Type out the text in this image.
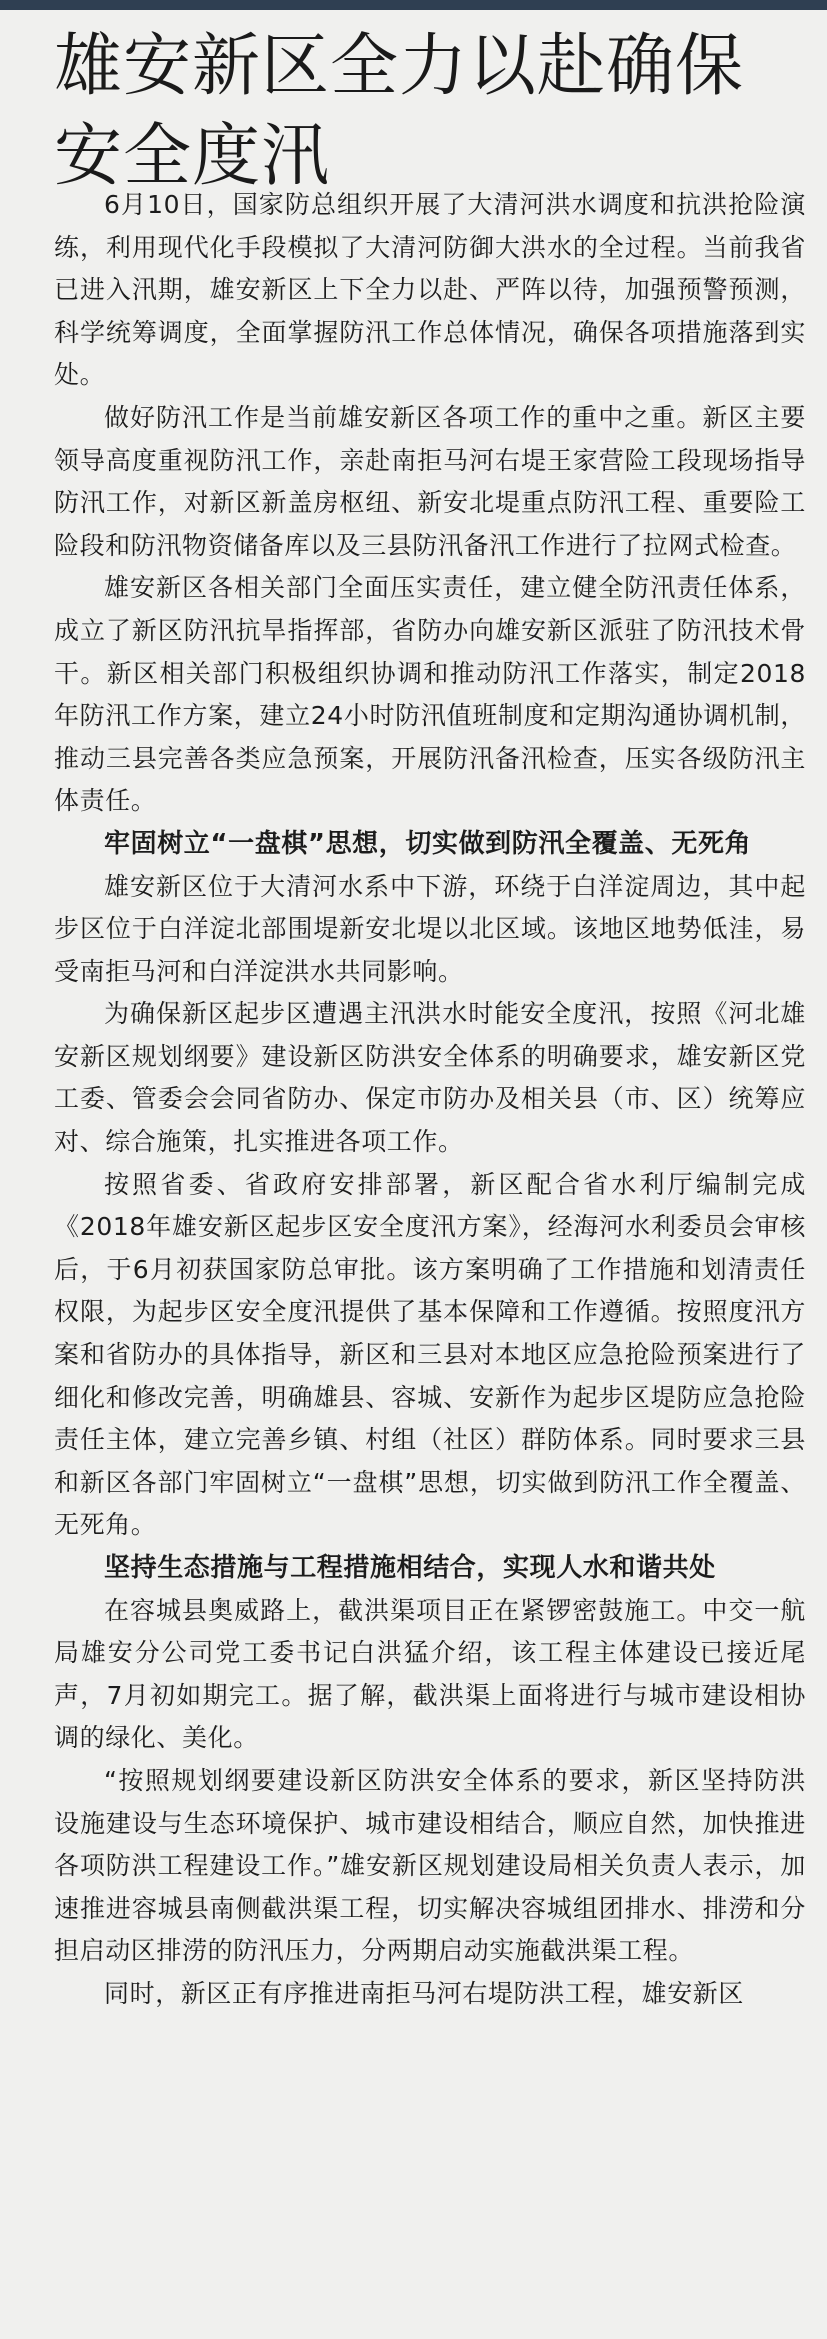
雄安新区全力以赴确保安全度汛

6月10日，国家防总组织开展了大清河洪水调度和抗洪抢险演练，利用现代化手段模拟了大清河防御大洪水的全过程。当前我省已进入汛期，雄安新区上下全力以赴、严阵以待，加强预警预测，科学统筹调度，全面掌握防汛工作总体情况，确保各项措施落到实处。

做好防汛工作是当前雄安新区各项工作的重中之重。新区主要领导高度重视防汛工作，亲赴南拒马河右堤王家营险工段现场指导防汛工作，对新区新盖房枢纽、新安北堤重点防汛工程、重要险工险段和防汛物资储备库以及三县防汛备汛工作进行了拉网式检查。

雄安新区各相关部门全面压实责任，建立健全防汛责任体系，成立了新区防汛抗旱指挥部，省防办向雄安新区派驻了防汛技术骨干。新区相关部门积极组织协调和推动防汛工作落实，制定2018年防汛工作方案，建立24小时防汛值班制度和定期沟通协调机制，推动三县完善各类应急预案，开展防汛备汛检查，压实各级防汛主体责任。

牢固树立“一盘棋”思想，切实做到防汛全覆盖、无死角

雄安新区位于大清河水系中下游，环绕于白洋淀周边，其中起步区位于白洋淀北部围堤新安北堤以北区域。该地区地势低洼，易受南拒马河和白洋淀洪水共同影响。

为确保新区起步区遭遇主汛洪水时能安全度汛，按照《河北雄安新区规划纲要》建设新区防洪安全体系的明确要求，雄安新区党工委、管委会会同省防办、保定市防办及相关县（市、区）统筹应对、综合施策，扎实推进各项工作。

按照省委、省政府安排部署，新区配合省水利厅编制完成《2018年雄安新区起步区安全度汛方案》，经海河水利委员会审核后，于6月初获国家防总审批。该方案明确了工作措施和划清责任权限，为起步区安全度汛提供了基本保障和工作遵循。按照度汛方案和省防办的具体指导，新区和三县对本地区应急抢险预案进行了细化和修改完善，明确雄县、容城、安新作为起步区堤防应急抢险责任主体，建立完善乡镇、村组（社区）群防体系。同时要求三县和新区各部门牢固树立“一盘棋”思想，切实做到防汛工作全覆盖、无死角。

坚持生态措施与工程措施相结合，实现人水和谐共处

在容城县奥威路上，截洪渠项目正在紧锣密鼓施工。中交一航局雄安分公司党工委书记白洪猛介绍，该工程主体建设已接近尾声，7月初如期完工。据了解，截洪渠上面将进行与城市建设相协调的绿化、美化。

“按照规划纲要建设新区防洪安全体系的要求，新区坚持防洪设施建设与生态环境保护、城市建设相结合，顺应自然，加快推进各项防洪工程建设工作。”雄安新区规划建设局相关负责人表示，加速推进容城县南侧截洪渠工程，切实解决容城组团排水、排涝和分担启动区排涝的防汛压力，分两期启动实施截洪渠工程。

同时，新区正有序推进南拒马河右堤防洪工程，雄安新区
